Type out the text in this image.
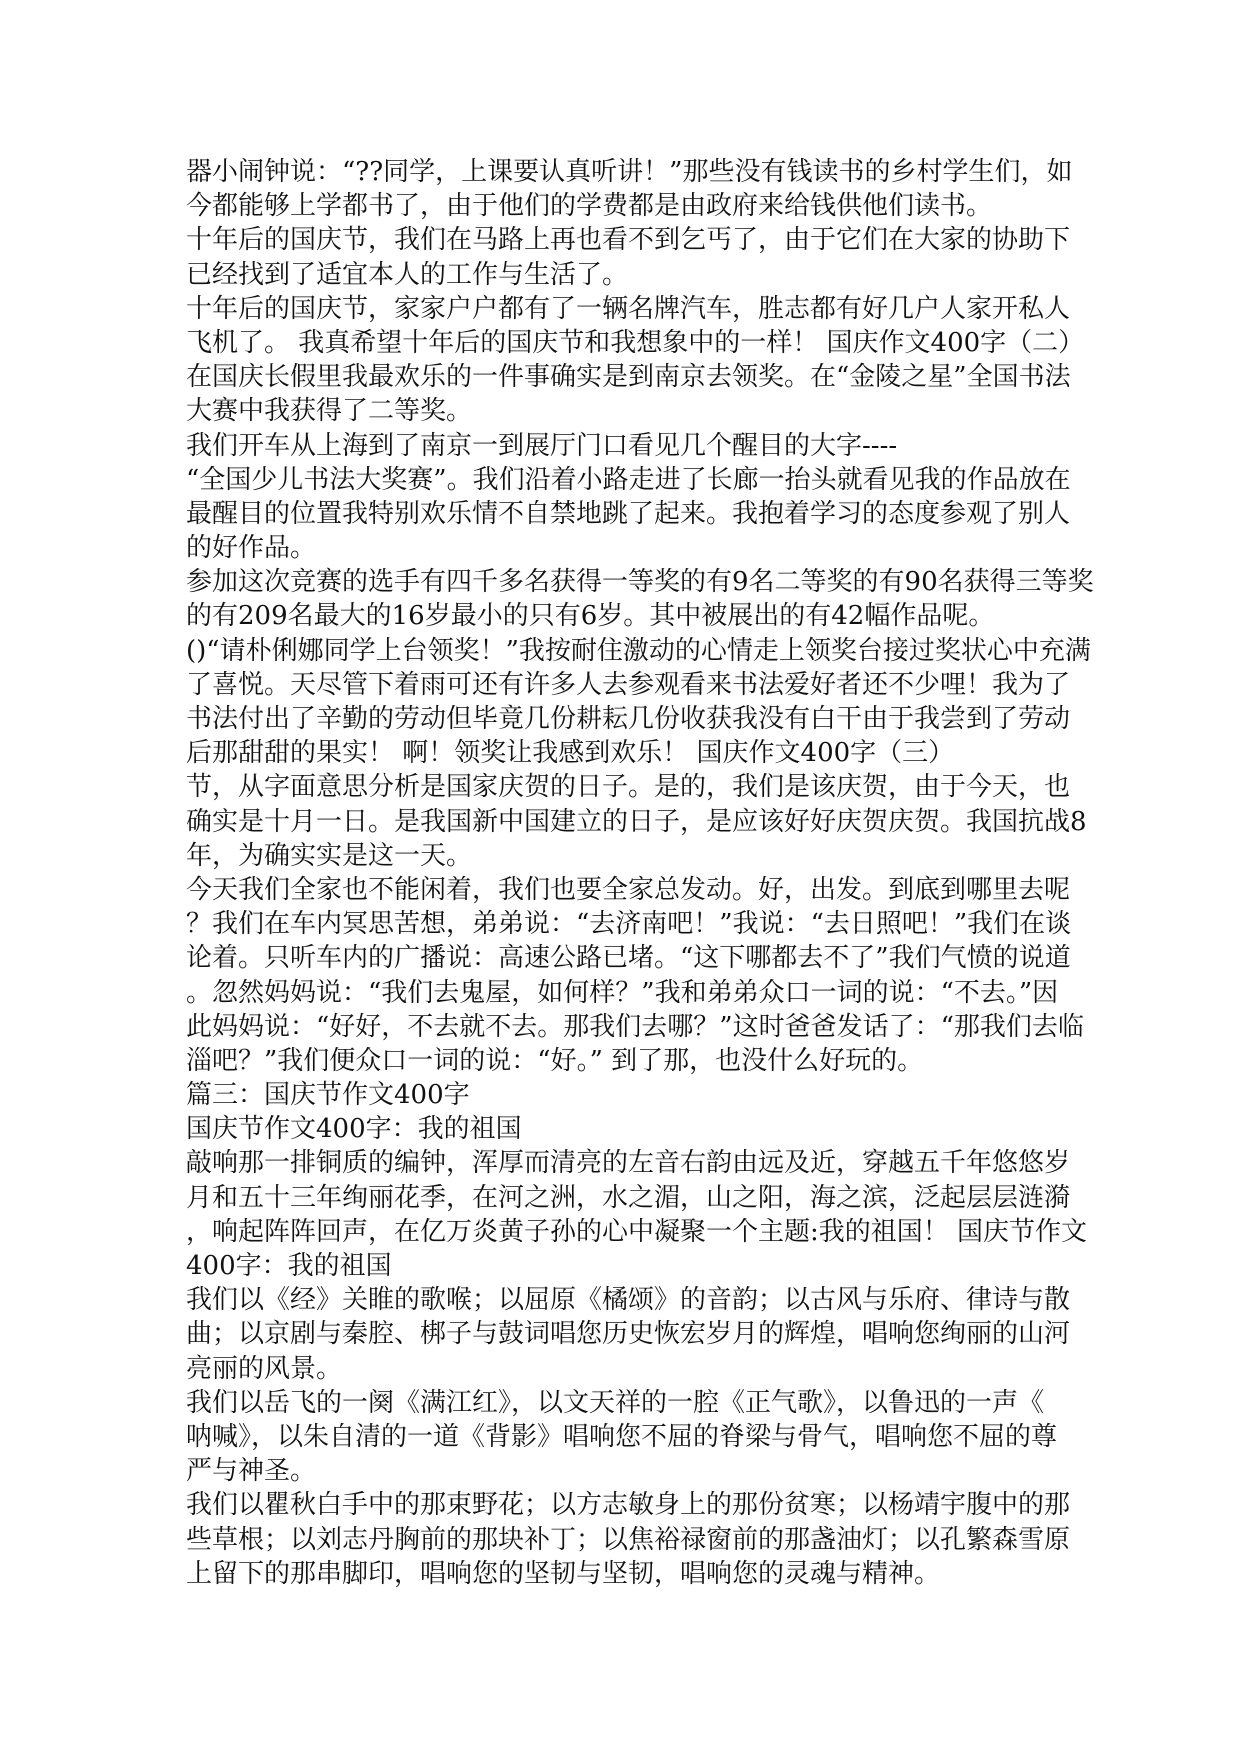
器小闹钟说：“??同学，上课要认真听讲！”那些没有钱读书的乡村学生们，如
今都能够上学都书了，由于他们的学费都是由政府来给钱供他们读书。
十年后的国庆节，我们在马路上再也看不到乞丐了，由于它们在大家的协助下
已经找到了适宜本人的工作与生活了。
十年后的国庆节，家家户户都有了一辆名牌汽车，胜志都有好几户人家开私人
飞机了。 我真希望十年后的国庆节和我想象中的一样！ 国庆作文400字（二）
在国庆长假里我最欢乐的一件事确实是到南京去领奖。在“金陵之星”全国书法
大赛中我获得了二等奖。
我们开车从上海到了南京一到展厅门口看见几个醒目的大字----
“全国少儿书法大奖赛”。我们沿着小路走进了长廊一抬头就看见我的作品放在
最醒目的位置我特别欢乐情不自禁地跳了起来。我抱着学习的态度参观了别人
的好作品。
参加这次竞赛的选手有四千多名获得一等奖的有9名二等奖的有90名获得三等奖
的有209名最大的16岁最小的只有6岁。其中被展出的有42幅作品呢。
()“请朴俐娜同学上台领奖！”我按耐住激动的心情走上领奖台接过奖状心中充满
了喜悦。天尽管下着雨可还有许多人去参观看来书法爱好者还不少哩！我为了
书法付出了辛勤的劳动但毕竟几份耕耘几份收获我没有白干由于我尝到了劳动
后那甜甜的果实！ 啊！领奖让我感到欢乐！ 国庆作文400字（三）
节，从字面意思分析是国家庆贺的日子。是的，我们是该庆贺，由于今天，也
确实是十月一日。是我国新中国建立的日子，是应该好好庆贺庆贺。我国抗战8
年，为确实实是这一天。
今天我们全家也不能闲着，我们也要全家总发动。好，出发。到底到哪里去呢
？我们在车内冥思苦想，弟弟说：“去济南吧！”我说：“去日照吧！”我们在谈
论着。只听车内的广播说：高速公路已堵。“这下哪都去不了”我们气愤的说道
。忽然妈妈说：“我们去鬼屋，如何样？”我和弟弟众口一词的说：“不去。”因
此妈妈说：“好好，不去就不去。那我们去哪？”这时爸爸发话了：“那我们去临
淄吧？”我们便众口一词的说：“好。” 到了那，也没什么好玩的。
篇三：国庆节作文400字
国庆节作文400字：我的祖国
敲响那一排铜质的编钟，浑厚而清亮的左音右韵由远及近，穿越五千年悠悠岁
月和五十三年绚丽花季，在河之洲，水之湄，山之阳，海之滨，泛起层层涟漪
，响起阵阵回声，在亿万炎黄子孙的心中凝聚一个主题:我的祖国！ 国庆节作文
400字：我的祖国
我们以《经》关睢的歌喉；以屈原《橘颂》的音韵；以古风与乐府、律诗与散
曲；以京剧与秦腔、梆子与鼓词唱您历史恢宏岁月的辉煌，唱响您绚丽的山河
亮丽的风景。
我们以岳飞的一阕《满江红》，以文天祥的一腔《正气歌》，以鲁迅的一声《
呐喊》，以朱自清的一道《背影》唱响您不屈的脊梁与骨气，唱响您不屈的尊
严与神圣。
我们以瞿秋白手中的那束野花；以方志敏身上的那份贫寒；以杨靖宇腹中的那
些草根；以刘志丹胸前的那块补丁；以焦裕禄窗前的那盏油灯；以孔繁森雪原
上留下的那串脚印，唱响您的坚韧与坚韧，唱响您的灵魂与精神。
